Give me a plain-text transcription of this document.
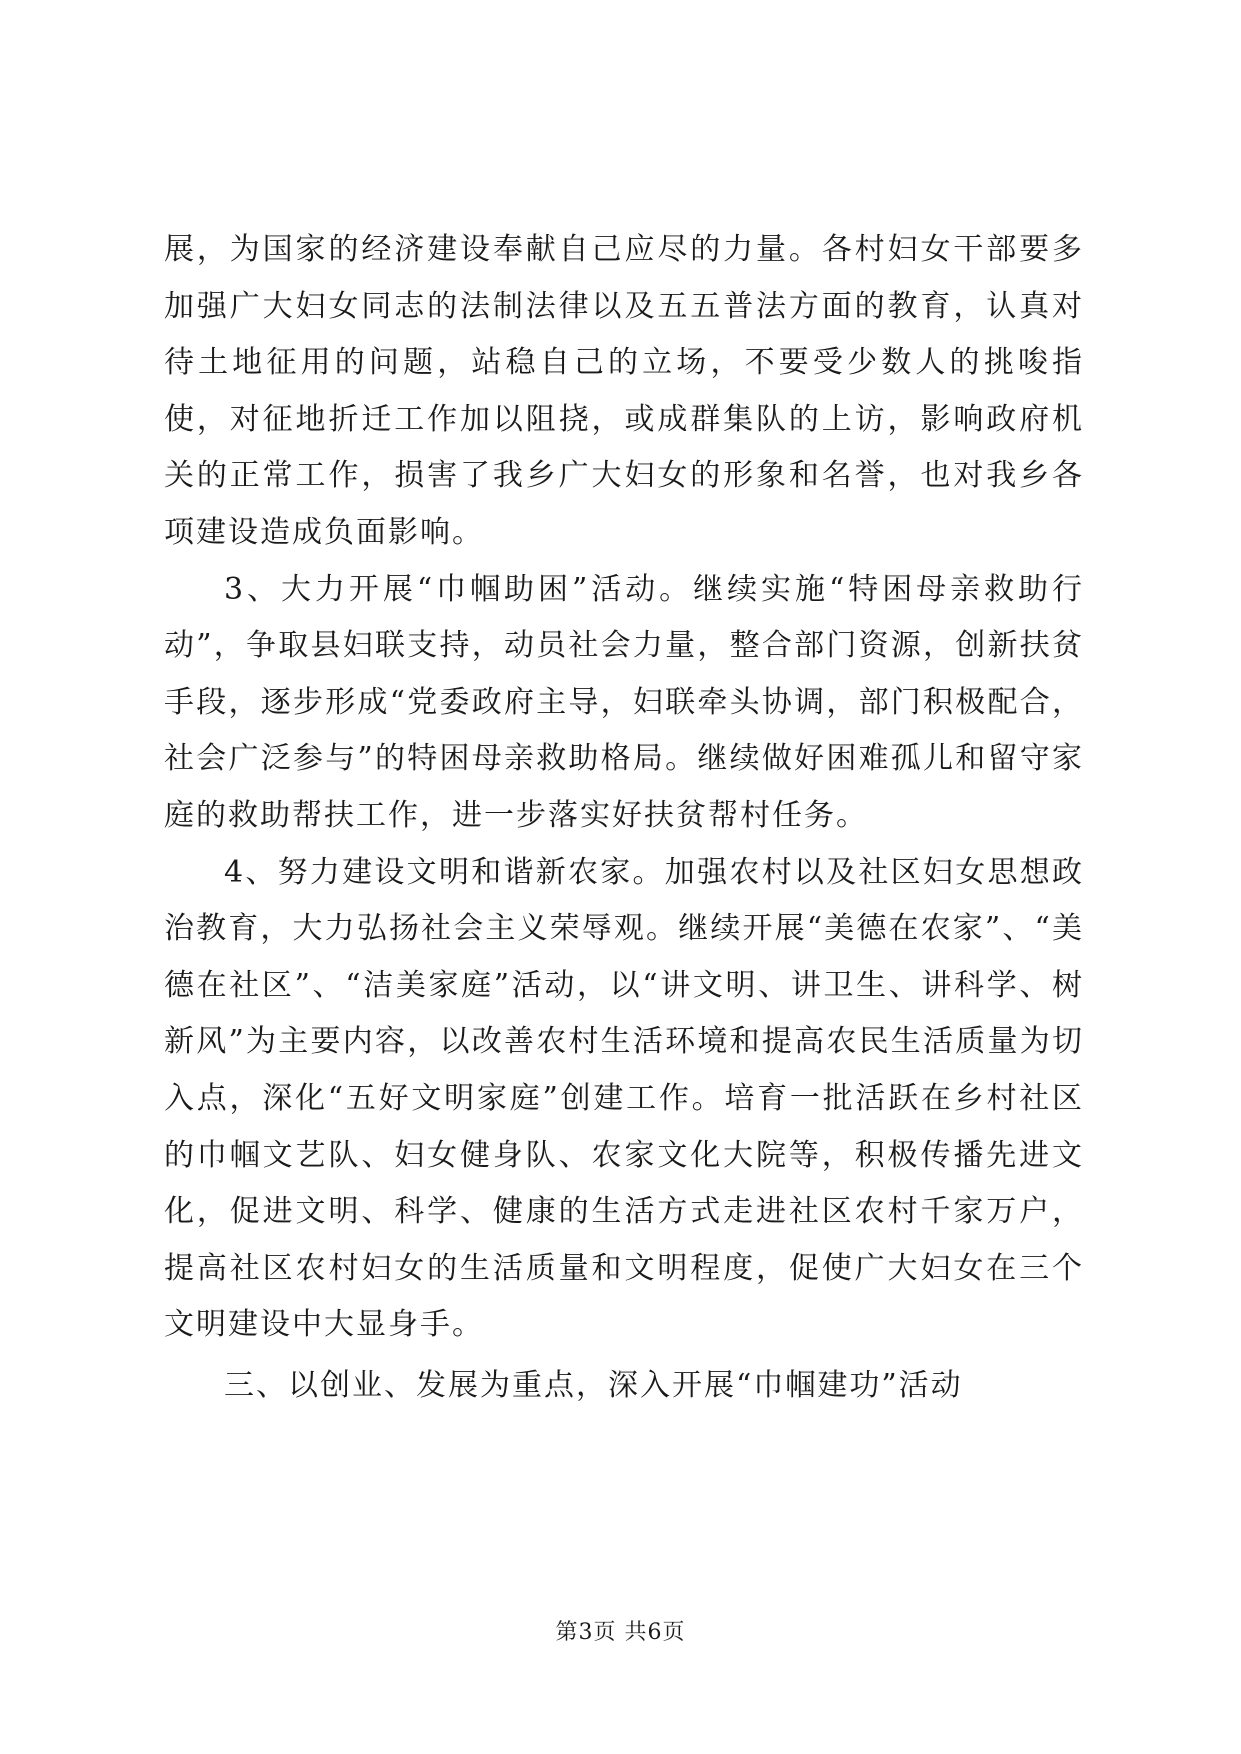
展，为国家的经济建设奉献自己应尽的力量。各村妇女干部要多加强广大妇女同志的法制法律以及五五普法方面的教育，认真对待土地征用的问题，站稳自己的立场，不要受少数人的挑唆指使，对征地折迁工作加以阻挠，或成群集队的上访，影响政府机关的正常工作，损害了我乡广大妇女的形象和名誉，也对我乡各项建设造成负面影响。

3、大力开展“巾帼助困”活动。继续实施“特困母亲救助行动”，争取县妇联支持，动员社会力量，整合部门资源，创新扶贫手段，逐步形成“党委政府主导，妇联牵头协调，部门积极配合，社会广泛参与”的特困母亲救助格局。继续做好困难孤儿和留守家庭的救助帮扶工作，进一步落实好扶贫帮村任务。

4、努力建设文明和谐新农家。加强农村以及社区妇女思想政治教育，大力弘扬社会主义荣辱观。继续开展“美德在农家”、“美德在社区”、“洁美家庭”活动，以“讲文明、讲卫生、讲科学、树新风”为主要内容，以改善农村生活环境和提高农民生活质量为切入点，深化“五好文明家庭”创建工作。培育一批活跃在乡村社区的巾帼文艺队、妇女健身队、农家文化大院等，积极传播先进文化，促进文明、科学、健康的生活方式走进社区农村千家万户，提高社区农村妇女的生活质量和文明程度，促使广大妇女在三个文明建设中大显身手。

三、以创业、发展为重点，深入开展“巾帼建功”活动

第3页 共6页
